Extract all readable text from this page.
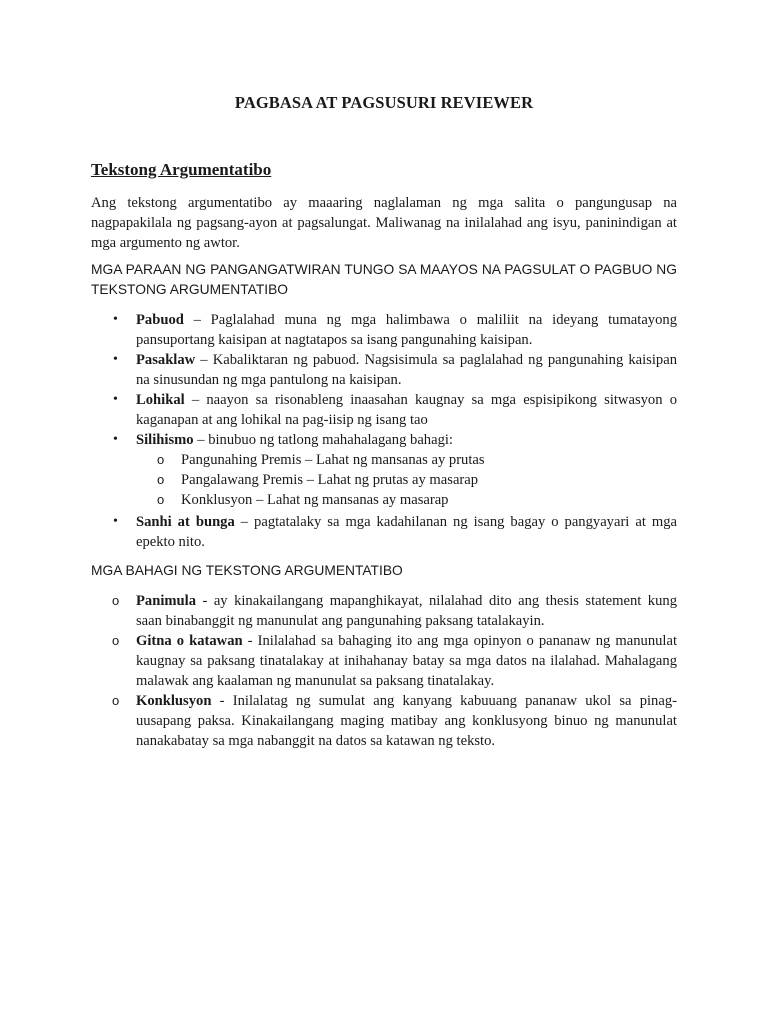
PAGBASA AT PAGSUSURI REVIEWER
Tekstong Argumentatibo
Ang tekstong argumentatibo ay maaaring naglalaman ng mga salita o pangungusap na nagpapakilala ng pagsang-ayon at pagsalungat. Maliwanag na inilalahad ang isyu, paninindigan at mga argumento ng awtor.
MGA PARAAN NG PANGANGATWIRAN TUNGO SA MAAYOS NA PAGSULAT O PAGBUO NG TEKSTONG ARGUMENTATIBO
• Pabuod – Paglalahad muna ng mga halimbawa o maliliit na ideyang tumatayong pansuportang kaisipan at nagtatapos sa isang pangunahing kaisipan.
• Pasaklaw – Kabaliktaran ng pabuod. Nagsisimula sa paglalahad ng pangunahing kaisipan na sinusundan ng mga pantulong na kaisipan.
• Lohikal – naayon sa risonableng inaasahan kaugnay sa mga espisipikong sitwasyon o kaganapan at ang lohikal na pag-iisip ng isang tao
• Silihismo – binubuo ng tatlong mahahalagang bahagi:
o Pangunahing Premis – Lahat ng mansanas ay prutas
o Pangalawang Premis – Lahat ng prutas ay masarap
o Konklusyon – Lahat ng mansanas ay masarap
• Sanhi at bunga – pagtatalaky sa mga kadahilanan ng isang bagay o pangyayari at mga epekto nito.
MGA BAHAGI NG TEKSTONG ARGUMENTATIBO
o Panimula - ay kinakailangang mapanghikayat, nilalahad dito ang thesis statement kung saan binabanggit ng manunulat ang pangunahing paksang tatalakayin.
o Gitna o katawan - Inilalahad sa bahaging ito ang mga opinyon o pananaw ng manunulat kaugnay sa paksang tinatalakay at inihahanay batay sa mga datos na ilalahad. Mahalagang malawak ang kaalaman ng manunulat sa paksang tinatalakay.
o Konklusyon - Inilalatag ng sumulat ang kanyang kabuuang pananaw ukol sa pinag-uusapang paksa. Kinakailangang maging matibay ang konklusyong binuo ng manunulat nanakabatay sa mga nabanggit na datos sa katawan ng teksto.
